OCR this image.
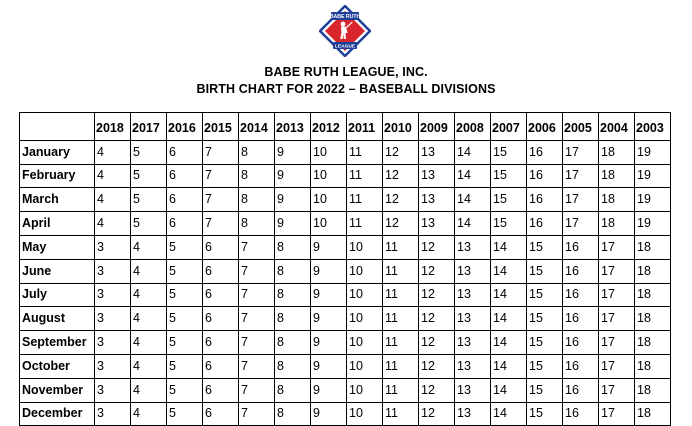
BABE RUTH
LEAGUE
BABE RUTH LEAGUE, INC.
BIRTH CHART FOR 2022 – BASEBALL DIVISIONS
	2018	2017	2016	2015	2014	2013	2012	2011	2010	2009	2008	2007	2006	2005	2004	2003
January	4	5	6	7	8	9	10	11	12	13	14	15	16	17	18	19
February	4	5	6	7	8	9	10	11	12	13	14	15	16	17	18	19
March	4	5	6	7	8	9	10	11	12	13	14	15	16	17	18	19
April	4	5	6	7	8	9	10	11	12	13	14	15	16	17	18	19
May	3	4	5	6	7	8	9	10	11	12	13	14	15	16	17	18
June	3	4	5	6	7	8	9	10	11	12	13	14	15	16	17	18
July	3	4	5	6	7	8	9	10	11	12	13	14	15	16	17	18
August	3	4	5	6	7	8	9	10	11	12	13	14	15	16	17	18
September	3	4	5	6	7	8	9	10	11	12	13	14	15	16	17	18
October	3	4	5	6	7	8	9	10	11	12	13	14	15	16	17	18
November	3	4	5	6	7	8	9	10	11	12	13	14	15	16	17	18
December	3	4	5	6	7	8	9	10	11	12	13	14	15	16	17	18
